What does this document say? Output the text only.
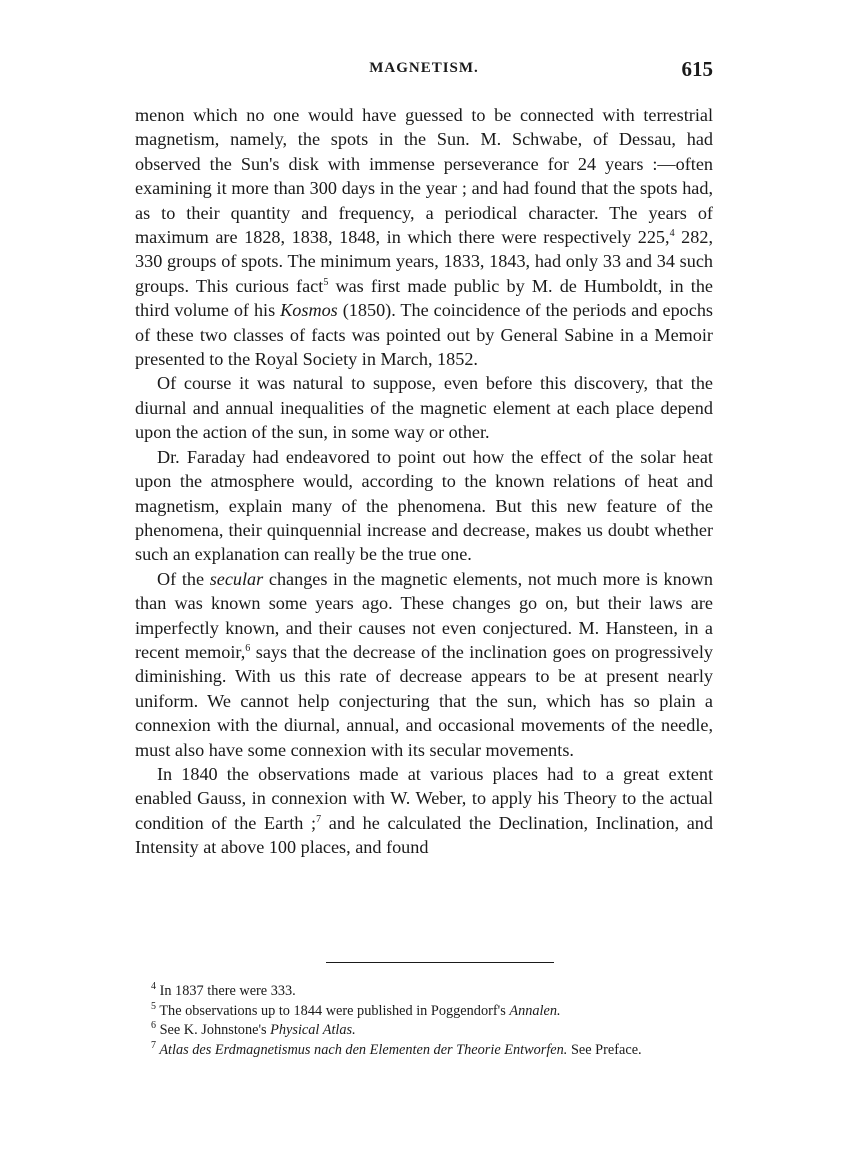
MAGNETISM.	615

menon which no one would have guessed to be connected with terrestrial magnetism, namely, the spots in the Sun. M. Schwabe, of Dessau, had observed the Sun's disk with immense perseverance for 24 years :—often examining it more than 300 days in the year ; and had found that the spots had, as to their quantity and frequency, a periodical character. The years of maximum are 1828, 1838, 1848, in which there were respectively 225,$^4$ 282, 330 groups of spots. The minimum years, 1833, 1843, had only 33 and 34 such groups. This curious fact$^5$ was first made public by M. de Humboldt, in the third volume of his Kosmos (1850). The coincidence of the periods and epochs of these two classes of facts was pointed out by General Sabine in a Memoir presented to the Royal Society in March, 1852.

Of course it was natural to suppose, even before this discovery, that the diurnal and annual inequalities of the magnetic element at each place depend upon the action of the sun, in some way or other.

Dr. Faraday had endeavored to point out how the effect of the solar heat upon the atmosphere would, according to the known relations of heat and magnetism, explain many of the phenomena. But this new feature of the phenomena, their quinquennial increase and decrease, makes us doubt whether such an explanation can really be the true one.

Of the secular changes in the magnetic elements, not much more is known than was known some years ago. These changes go on, but their laws are imperfectly known, and their causes not even conjectured. M. Hansteen, in a recent memoir,$^6$ says that the decrease of the inclination goes on progressively diminishing. With us this rate of decrease appears to be at present nearly uniform. We cannot help conjecturing that the sun, which has so plain a connexion with the diurnal, annual, and occasional movements of the needle, must also have some connexion with its secular movements.

In 1840 the observations made at various places had to a great extent enabled Gauss, in connexion with W. Weber, to apply his Theory to the actual condition of the Earth ;$^7$ and he calculated the Declination, Inclination, and Intensity at above 100 places, and found

$^4$ In 1837 there were 333.

$^5$ The observations up to 1844 were published in Poggendorf's Annalen.

$^6$ See K. Johnstone's Physical Atlas.

$^7$ Atlas des Erdmagnetismus nach den Elementen der Theorie Entworfen. See Preface.
